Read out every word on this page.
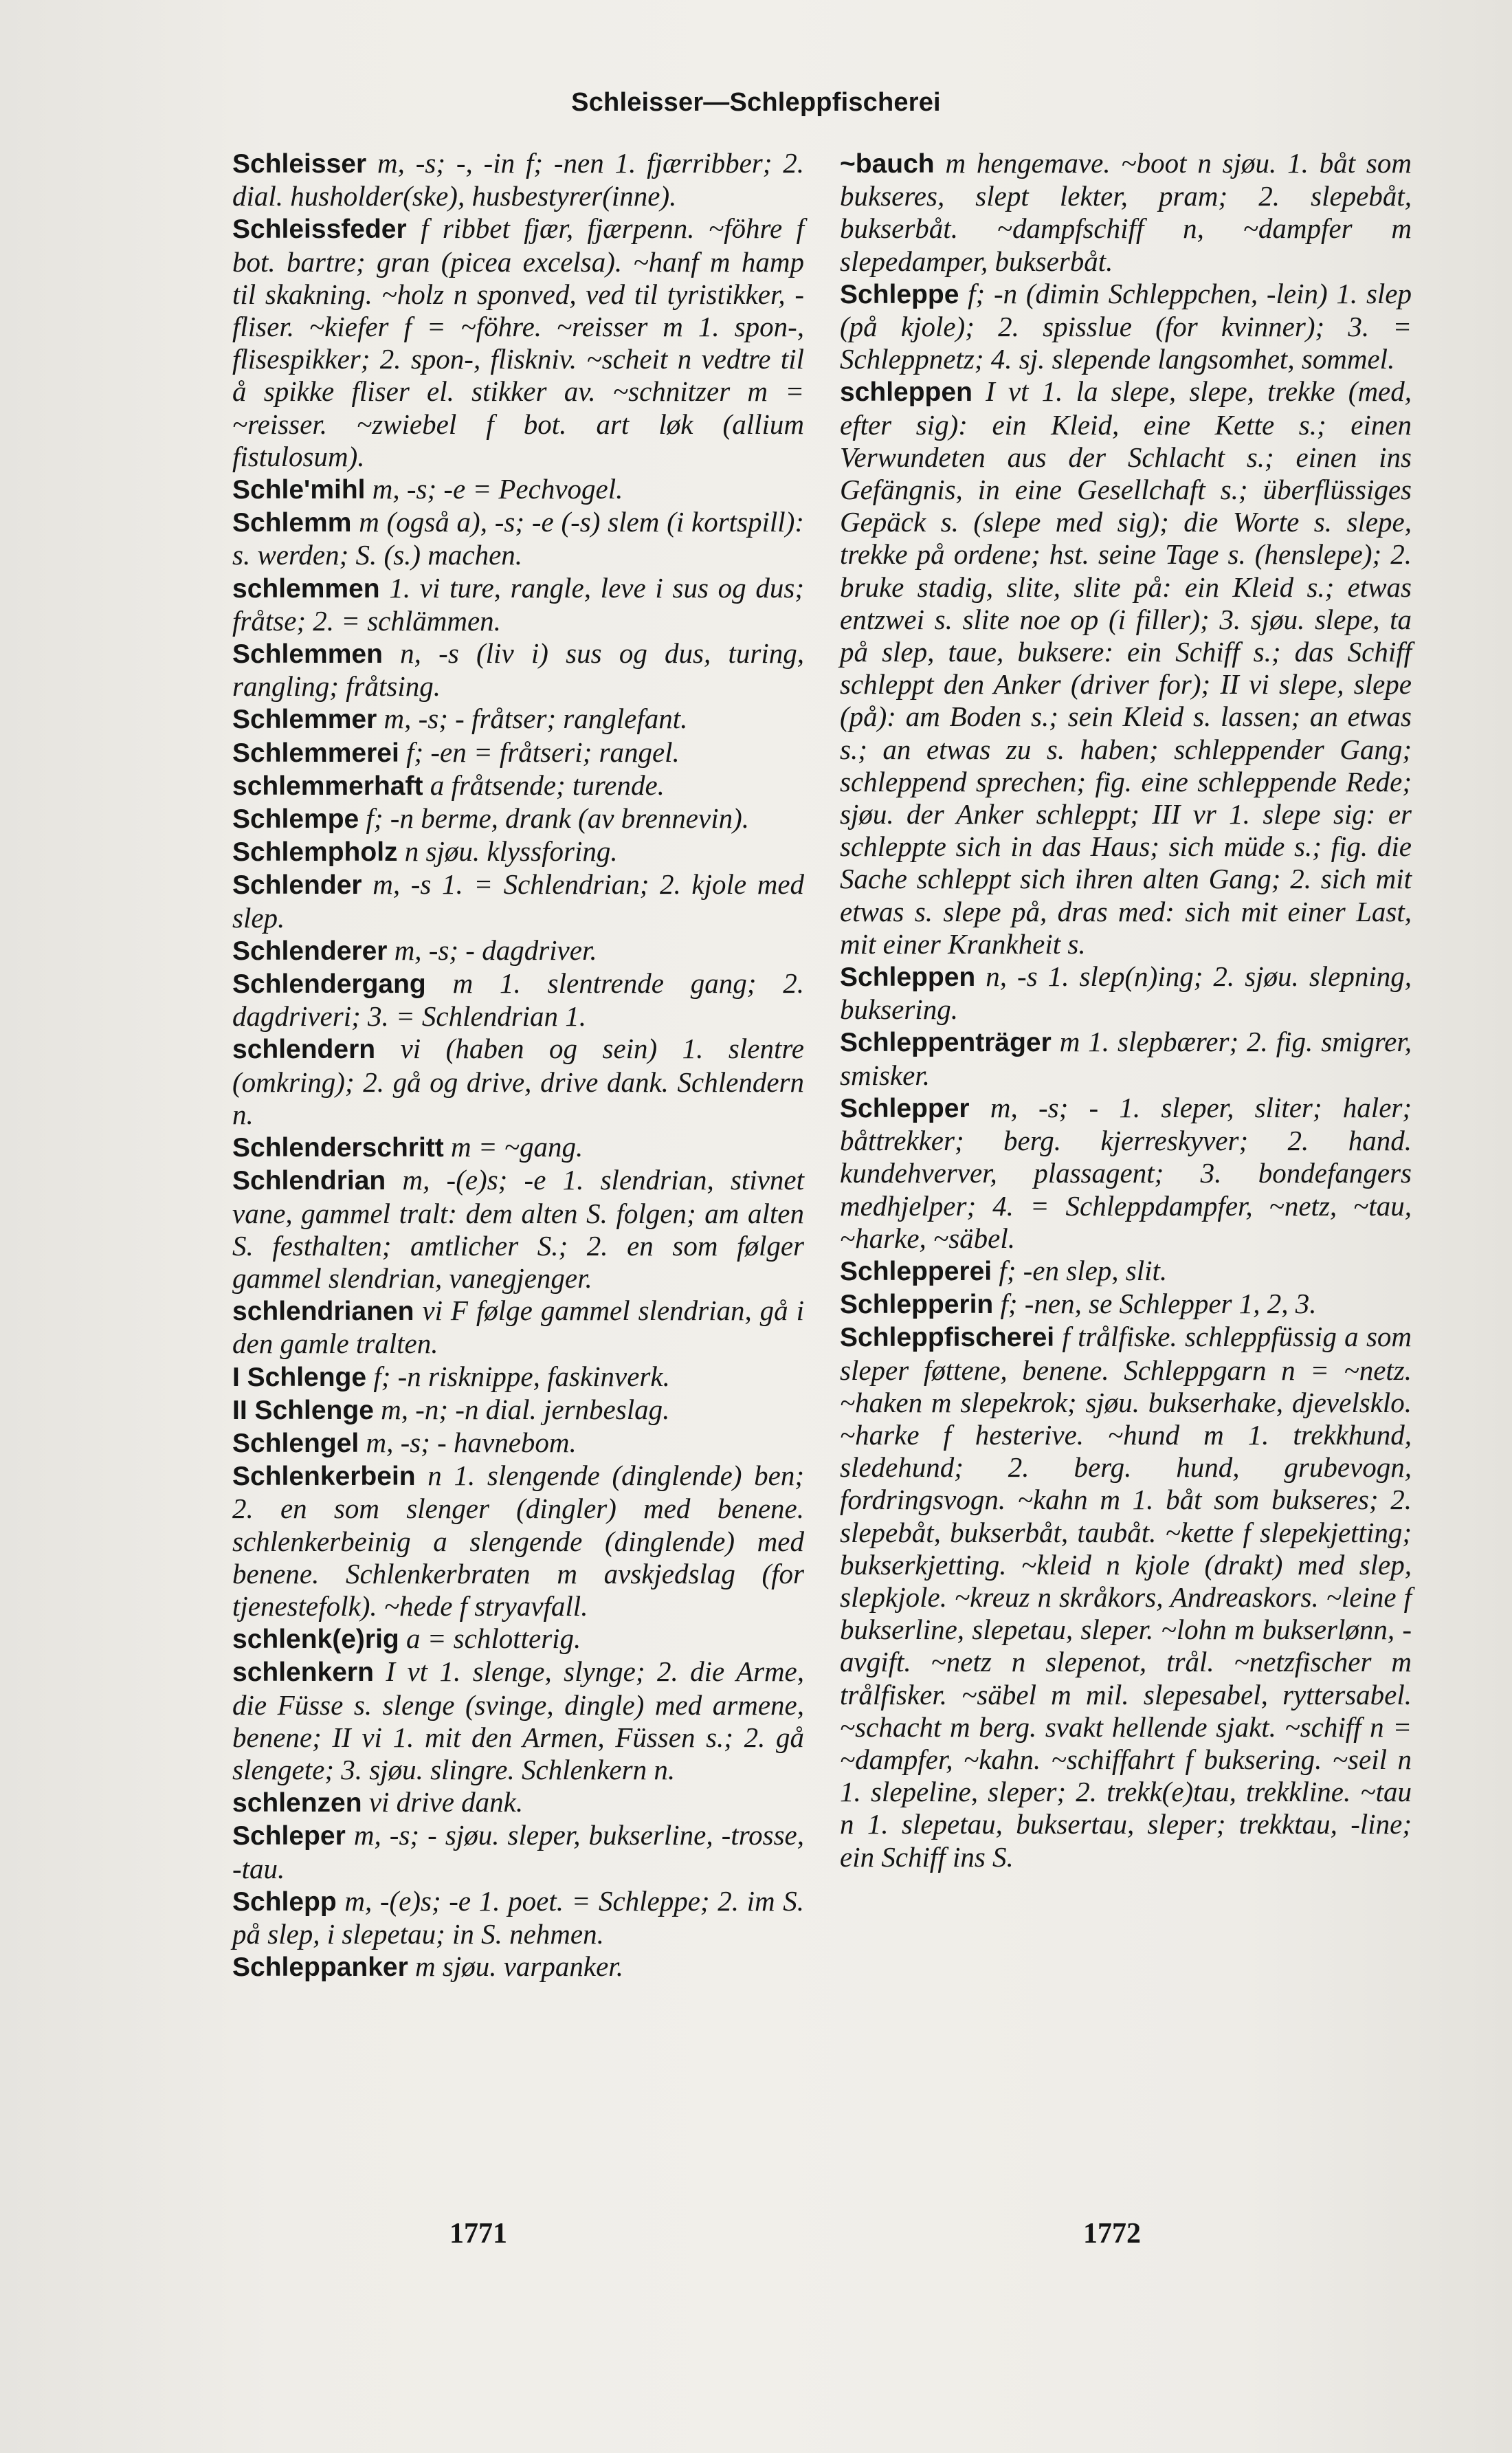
Schleisser—Schleppfischerei

Schleisser m, -s; -, -in f; -nen 1. fjærribber; 2. dial. husholder(ske), husbestyrer(inne).

Schleissfeder f ribbet fjær, fjærpenn. ~föhre f bot. bartre; gran (picea excelsa). ~hanf m hamp til skakning. ~holz n sponved, ved til tyristikker, -fliser. ~kiefer f = ~föhre. ~reisser m 1. spon-, flisespikker; 2. spon-, fliskniv. ~scheit n vedtre til å spikke fliser el. stikker av. ~schnitzer m = ~reisser. ~zwiebel f bot. art løk (allium fistulosum).

Schle'mihl m, -s; -e = Pechvogel.

Schlemm m (også a), -s; -e (-s) slem (i kortspill): s. werden; S. (s.) machen.

schlemmen 1. vi ture, rangle, leve i sus og dus; fråtse; 2. = schlämmen.

Schlemmen n, -s (liv i) sus og dus, turing, rangling; fråtsing.

Schlemmer m, -s; - fråtser; ranglefant.

Schlemmerei f; -en = fråtseri; rangel.

schlemmerhaft a fråtsende; turende.

Schlempe f; -n berme, drank (av brennevin).

Schlempholz n sjøu. klyssforing.

Schlender m, -s 1. = Schlendrian; 2. kjole med slep.

Schlenderer m, -s; - dagdriver.

Schlendergang m 1. slentrende gang; 2. dagdriveri; 3. = Schlendrian 1.

schlendern vi (haben og sein) 1. slentre (omkring); 2. gå og drive, drive dank. Schlendern n.

Schlenderschritt m = ~gang.

Schlendrian m, -(e)s; -e 1. slendrian, stivnet vane, gammel tralt: dem alten S. folgen; am alten S. festhalten; amtlicher S.; 2. en som følger gammel slendrian, vanegjenger.

schlendrianen vi F følge gammel slendrian, gå i den gamle tralten.

I Schlenge f; -n risknippe, faskinverk.

II Schlenge m, -n; -n dial. jernbeslag.

Schlengel m, -s; - havnebom.

Schlenkerbein n 1. slengende (dinglende) ben; 2. en som slenger (dingler) med benene. schlenkerbeinig a slengende (dinglende) med benene. Schlenkerbraten m avskjedslag (for tjenestefolk). ~hede f stryavfall.

schlenk(e)rig a = schlotterig.

schlenkern I vt 1. slenge, slynge; 2. die Arme, die Füsse s. slenge (svinge, dingle) med armene, benene; II vi 1. mit den Armen, Füssen s.; 2. gå slengete; 3. sjøu. slingre. Schlenkern n.

schlenzen vi drive dank.

Schleper m, -s; - sjøu. sleper, bukserline, -trosse, -tau.

Schlepp m, -(e)s; -e 1. poet. = Schleppe; 2. im S. på slep, i slepetau; in S. nehmen.

Schleppanker m sjøu. varpanker.

~bauch m hengemave. ~boot n sjøu. 1. båt som bukseres, slept lekter, pram; 2. slepebåt, bukserbåt. ~dampfschiff n, ~dampfer m slepedamper, bukserbåt.

Schleppe f; -n (dimin Schleppchen, -lein) 1. slep (på kjole); 2. spisslue (for kvinner); 3. = Schleppnetz; 4. sj. slepende langsomhet, sommel.

schleppen I vt 1. la slepe, slepe, trekke (med, efter sig): ein Kleid, eine Kette s.; einen Verwundeten aus der Schlacht s.; einen ins Gefängnis, in eine Gesellchaft s.; überflüssiges Gepäck s. (slepe med sig); die Worte s. slepe, trekke på ordene; hst. seine Tage s. (henslepe); 2. bruke stadig, slite, slite på: ein Kleid s.; etwas entzwei s. slite noe op (i filler); 3. sjøu. slepe, ta på slep, taue, buksere: ein Schiff s.; das Schiff schleppt den Anker (driver for); II vi slepe, slepe (på): am Boden s.; sein Kleid s. lassen; an etwas s.; an etwas zu s. haben; schleppender Gang; schleppend sprechen; fig. eine schleppende Rede; sjøu. der Anker schleppt; III vr 1. slepe sig: er schleppte sich in das Haus; sich müde s.; fig. die Sache schleppt sich ihren alten Gang; 2. sich mit etwas s. slepe på, dras med: sich mit einer Last, mit einer Krankheit s.

Schleppen n, -s 1. slep(n)ing; 2. sjøu. slepning, buksering.

Schleppenträger m 1. slepbærer; 2. fig. smigrer, smisker.

Schlepper m, -s; - 1. sleper, sliter; haler; båttrekker; berg. kjerreskyver; 2. hand. kundehverver, plassagent; 3. bondefangers medhjelper; 4. = Schleppdampfer, ~netz, ~tau, ~harke, ~säbel.

Schlepperei f; -en slep, slit.

Schlepperin f; -nen, se Schlepper 1, 2, 3.

Schleppfischerei f trålfiske. schleppfüssig a som sleper føttene, benene. Schleppgarn n = ~netz. ~haken m slepekrok; sjøu. bukserhake, djevelsklo. ~harke f hesterive. ~hund m 1. trekkhund, sledehund; 2. berg. hund, grubevogn, fordringsvogn. ~kahn m 1. båt som bukseres; 2. slepebåt, bukserbåt, taubåt. ~kette f slepekjetting; bukserkjetting. ~kleid n kjole (drakt) med slep, slepkjole. ~kreuz n skråkors, Andreaskors. ~leine f bukserline, slepetau, sleper. ~lohn m bukserlønn, -avgift. ~netz n slepenot, trål. ~netzfischer m trålfisker. ~säbel m mil. slepesabel, ryttersabel. ~schacht m berg. svakt hellende sjakt. ~schiff n = ~dampfer, ~kahn. ~schiffahrt f buksering. ~seil n 1. slepeline, sleper; 2. trekk(e)tau, trekkline. ~tau n 1. slepetau, buksertau, sleper; trekktau, -line; ein Schiff ins S.

1771	1772
